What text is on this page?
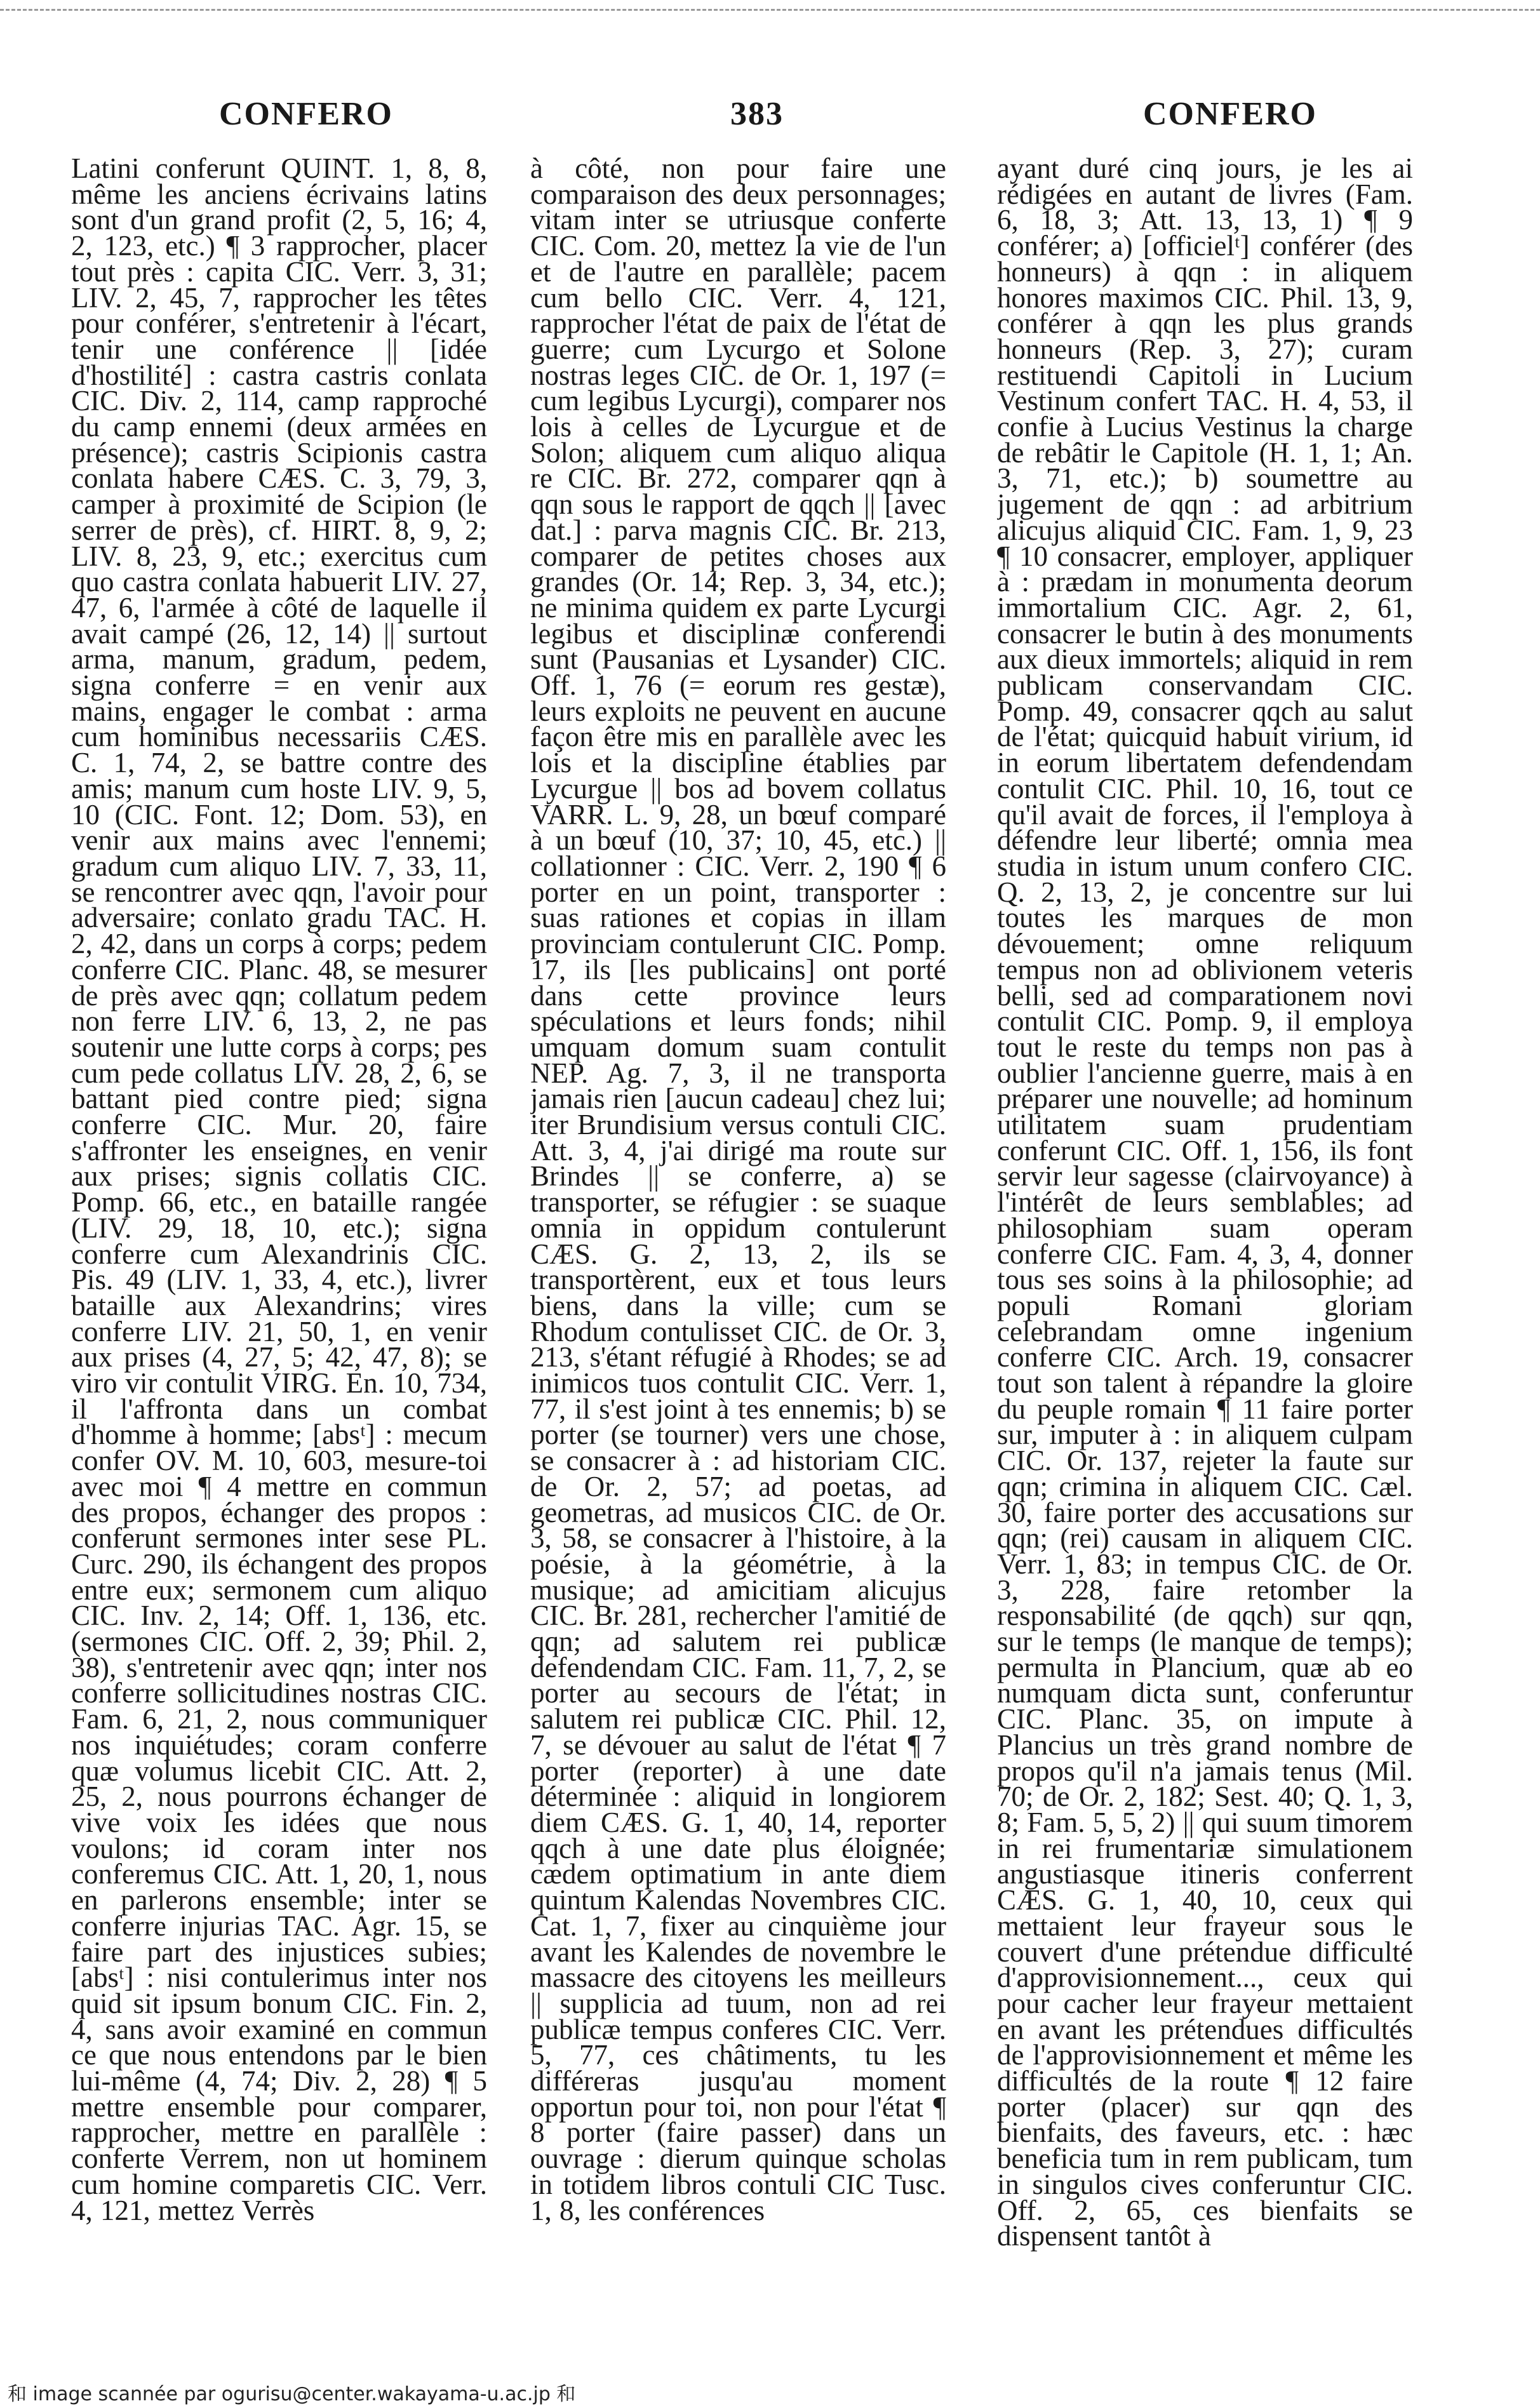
CONFERO	383	CONFERO

Latini conferunt QUINT. 1, 8, 8, même les anciens écrivains latins sont d'un grand profit (2, 5, 16; 4, 2, 123, etc.) ¶ 3 rapprocher, placer tout près : capita CIC. Verr. 3, 31; LIV. 2, 45, 7, rapprocher les têtes pour conférer, s'entretenir à l'écart, tenir une conférence || [idée d'hostilité] : castra castris conlata CIC. Div. 2, 114, camp rapproché du camp ennemi (deux armées en présence); castris Scipionis castra conlata habere CÆS. C. 3, 79, 3, camper à proximité de Scipion (le serrer de près), cf. HIRT. 8, 9, 2; LIV. 8, 23, 9, etc.; exercitus cum quo castra conlata habuerit LIV. 27, 47, 6, l'armée à côté de laquelle il avait campé (26, 12, 14) || surtout arma, manum, gradum, pedem, signa conferre = en venir aux mains, engager le combat : arma cum hominibus necessariis CÆS. C. 1, 74, 2, se battre contre des amis; manum cum hoste LIV. 9, 5, 10 (CIC. Font. 12; Dom. 53), en venir aux mains avec l'ennemi; gradum cum aliquo LIV. 7, 33, 11, se rencontrer avec qqn, l'avoir pour adversaire; conlato gradu TAC. H. 2, 42, dans un corps à corps; pedem conferre CIC. Planc. 48, se mesurer de près avec qqn; collatum pedem non ferre LIV. 6, 13, 2, ne pas soutenir une lutte corps à corps; pes cum pede collatus LIV. 28, 2, 6, se battant pied contre pied; signa conferre CIC. Mur. 20, faire s'affronter les enseignes, en venir aux prises; signis collatis CIC. Pomp. 66, etc., en bataille rangée (LIV. 29, 18, 10, etc.); signa conferre cum Alexandrinis CIC. Pis. 49 (LIV. 1, 33, 4, etc.), livrer bataille aux Alexandrins; vires conferre LIV. 21, 50, 1, en venir aux prises (4, 27, 5; 42, 47, 8); se viro vir contulit VIRG. En. 10, 734, il l'affronta dans un combat d'homme à homme; [absᵗ] : mecum confer OV. M. 10, 603, mesure-toi avec moi ¶ 4 mettre en commun des propos, échanger des propos : conferunt sermones inter sese PL. Curc. 290, ils échangent des propos entre eux; sermonem cum aliquo CIC. Inv. 2, 14; Off. 1, 136, etc. (sermones CIC. Off. 2, 39; Phil. 2, 38), s'entretenir avec qqn; inter nos conferre sollicitudines nostras CIC. Fam. 6, 21, 2, nous communiquer nos inquiétudes; coram conferre quæ volumus licebit CIC. Att. 2, 25, 2, nous pourrons échanger de vive voix les idées que nous voulons; id coram inter nos conferemus CIC. Att. 1, 20, 1, nous en parlerons ensemble; inter se conferre injurias TAC. Agr. 15, se faire part des injustices subies; [absᵗ] : nisi contulerimus inter nos quid sit ipsum bonum CIC. Fin. 2, 4, sans avoir examiné en commun ce que nous entendons par le bien lui-même (4, 74; Div. 2, 28) ¶ 5 mettre ensemble pour comparer, rapprocher, mettre en parallèle : conferte Verrem, non ut hominem cum homine comparetis CIC. Verr. 4, 121, mettez Verrès

à côté, non pour faire une comparaison des deux personnages; vitam inter se utriusque conferte CIC. Com. 20, mettez la vie de l'un et de l'autre en parallèle; pacem cum bello CIC. Verr. 4, 121, rapprocher l'état de paix de l'état de guerre; cum Lycurgo et Solone nostras leges CIC. de Or. 1, 197 (= cum legibus Lycurgi), comparer nos lois à celles de Lycurgue et de Solon; aliquem cum aliquo aliqua re CIC. Br. 272, comparer qqn à qqn sous le rapport de qqch || [avec dat.] : parva magnis CIC. Br. 213, comparer de petites choses aux grandes (Or. 14; Rep. 3, 34, etc.); ne minima quidem ex parte Lycurgi legibus et disciplinæ conferendi sunt (Pausanias et Lysander) CIC. Off. 1, 76 (= eorum res gestæ), leurs exploits ne peuvent en aucune façon être mis en parallèle avec les lois et la discipline établies par Lycurgue || bos ad bovem collatus VARR. L. 9, 28, un bœuf comparé à un bœuf (10, 37; 10, 45, etc.) || collationner : CIC. Verr. 2, 190 ¶ 6 porter en un point, transporter : suas rationes et copias in illam provinciam contulerunt CIC. Pomp. 17, ils [les publicains] ont porté dans cette province leurs spéculations et leurs fonds; nihil umquam domum suam contulit NEP. Ag. 7, 3, il ne transporta jamais rien [aucun cadeau] chez lui; iter Brundisium versus contuli CIC. Att. 3, 4, j'ai dirigé ma route sur Brindes || se conferre, a) se transporter, se réfugier : se suaque omnia in oppidum contulerunt CÆS. G. 2, 13, 2, ils se transportèrent, eux et tous leurs biens, dans la ville; cum se Rhodum contulisset CIC. de Or. 3, 213, s'étant réfugié à Rhodes; se ad inimicos tuos contulit CIC. Verr. 1, 77, il s'est joint à tes ennemis; b) se porter (se tourner) vers une chose, se consacrer à : ad historiam CIC. de Or. 2, 57; ad poetas, ad geometras, ad musicos CIC. de Or. 3, 58, se consacrer à l'histoire, à la poésie, à la géométrie, à la musique; ad amicitiam alicujus CIC. Br. 281, rechercher l'amitié de qqn; ad salutem rei publicæ defendendam CIC. Fam. 11, 7, 2, se porter au secours de l'état; in salutem rei publicæ CIC. Phil. 12, 7, se dévouer au salut de l'état ¶ 7 porter (reporter) à une date déterminée : aliquid in longiorem diem CÆS. G. 1, 40, 14, reporter qqch à une date plus éloignée; cædem optimatium in ante diem quintum Kalendas Novembres CIC. Cat. 1, 7, fixer au cinquième jour avant les Kalendes de novembre le massacre des citoyens les meilleurs || supplicia ad tuum, non ad rei publicæ tempus conferes CIC. Verr. 5, 77, ces châtiments, tu les différeras jusqu'au moment opportun pour toi, non pour l'état ¶ 8 porter (faire passer) dans un ouvrage : dierum quinque scholas in totidem libros contuli CIC Tusc. 1, 8, les conférences

ayant duré cinq jours, je les ai rédigées en autant de livres (Fam. 6, 18, 3; Att. 13, 13, 1) ¶ 9 conférer; a) [officielᵗ] conférer (des honneurs) à qqn : in aliquem honores maximos CIC. Phil. 13, 9, conférer à qqn les plus grands honneurs (Rep. 3, 27); curam restituendi Capitoli in Lucium Vestinum confert TAC. H. 4, 53, il confie à Lucius Vestinus la charge de rebâtir le Capitole (H. 1, 1; An. 3, 71, etc.); b) soumettre au jugement de qqn : ad arbitrium alicujus aliquid CIC. Fam. 1, 9, 23 ¶ 10 consacrer, employer, appliquer à : prædam in monumenta deorum immortalium CIC. Agr. 2, 61, consacrer le butin à des monuments aux dieux immortels; aliquid in rem publicam conservandam CIC. Pomp. 49, consacrer qqch au salut de l'état; quicquid habuit virium, id in eorum libertatem defendendam contulit CIC. Phil. 10, 16, tout ce qu'il avait de forces, il l'employa à défendre leur liberté; omnia mea studia in istum unum confero CIC. Q. 2, 13, 2, je concentre sur lui toutes les marques de mon dévouement; omne reliquum tempus non ad oblivionem veteris belli, sed ad comparationem novi contulit CIC. Pomp. 9, il employa tout le reste du temps non pas à oublier l'ancienne guerre, mais à en préparer une nouvelle; ad hominum utilitatem suam prudentiam conferunt CIC. Off. 1, 156, ils font servir leur sagesse (clairvoyance) à l'intérêt de leurs semblables; ad philosophiam suam operam conferre CIC. Fam. 4, 3, 4, donner tous ses soins à la philosophie; ad populi Romani gloriam celebrandam omne ingenium conferre CIC. Arch. 19, consacrer tout son talent à répandre la gloire du peuple romain ¶ 11 faire porter sur, imputer à : in aliquem culpam CIC. Or. 137, rejeter la faute sur qqn; crimina in aliquem CIC. Cæl. 30, faire porter des accusations sur qqn; (rei) causam in aliquem CIC. Verr. 1, 83; in tempus CIC. de Or. 3, 228, faire retomber la responsabilité (de qqch) sur qqn, sur le temps (le manque de temps); permulta in Plancium, quæ ab eo numquam dicta sunt, conferuntur CIC. Planc. 35, on impute à Plancius un très grand nombre de propos qu'il n'a jamais tenus (Mil. 70; de Or. 2, 182; Sest. 40; Q. 1, 3, 8; Fam. 5, 5, 2) || qui suum timorem in rei frumentariæ simulationem angustiasque itineris conferrent CÆS. G. 1, 40, 10, ceux qui mettaient leur frayeur sous le couvert d'une prétendue difficulté d'approvisionnement..., ceux qui pour cacher leur frayeur mettaient en avant les prétendues difficultés de l'approvisionnement et même les difficultés de la route ¶ 12 faire porter (placer) sur qqn des bienfaits, des faveurs, etc. : hæc beneficia tum in rem publicam, tum in singulos cives conferuntur CIC. Off. 2, 65, ces bienfaits se dispensent tantôt à

和 image scannée par ogurisu@center.wakayama-u.ac.jp 和
